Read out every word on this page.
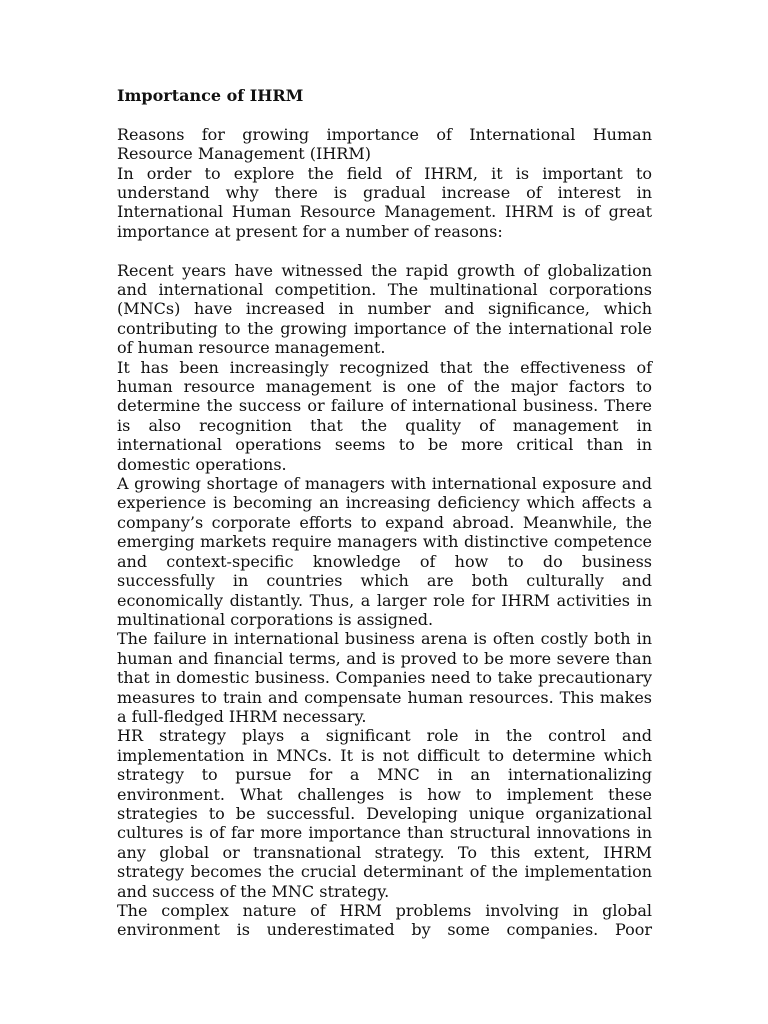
Importance of IHRM

Reasons for growing importance of International Human Resource Management (IHRM)

In order to explore the field of IHRM, it is important to understand why there is gradual increase of interest in International Human Resource Management. IHRM is of great importance at present for a number of reasons:

Recent years have witnessed the rapid growth of globalization and international competition. The multinational corporations (MNCs) have increased in number and significance, which contributing to the growing importance of the international role of human resource management.

It has been increasingly recognized that the effectiveness of human resource management is one of the major factors to determine the success or failure of international business. There is also recognition that the quality of management in international operations seems to be more critical than in domestic operations.

A growing shortage of managers with international exposure and experience is becoming an increasing deficiency which affects a company’s corporate efforts to expand abroad. Meanwhile, the emerging markets require managers with distinctive competence and context-specific knowledge of how to do business successfully in countries which are both culturally and economically distantly. Thus, a larger role for IHRM activities in multinational corporations is assigned.

The failure in international business arena is often costly both in human and financial terms, and is proved to be more severe than that in domestic business. Companies need to take precautionary measures to train and compensate human resources. This makes a full-fledged IHRM necessary.

HR strategy plays a significant role in the control and implementation in MNCs. It is not difficult to determine which strategy to pursue for a MNC in an internationalizing environment. What challenges is how to implement these strategies to be successful. Developing unique organizational cultures is of far more importance than structural innovations in any global or transnational strategy. To this extent, IHRM strategy becomes the crucial determinant of the implementation and success of the MNC strategy.

The complex nature of HRM problems involving in global environment is underestimated by some companies. Poor
